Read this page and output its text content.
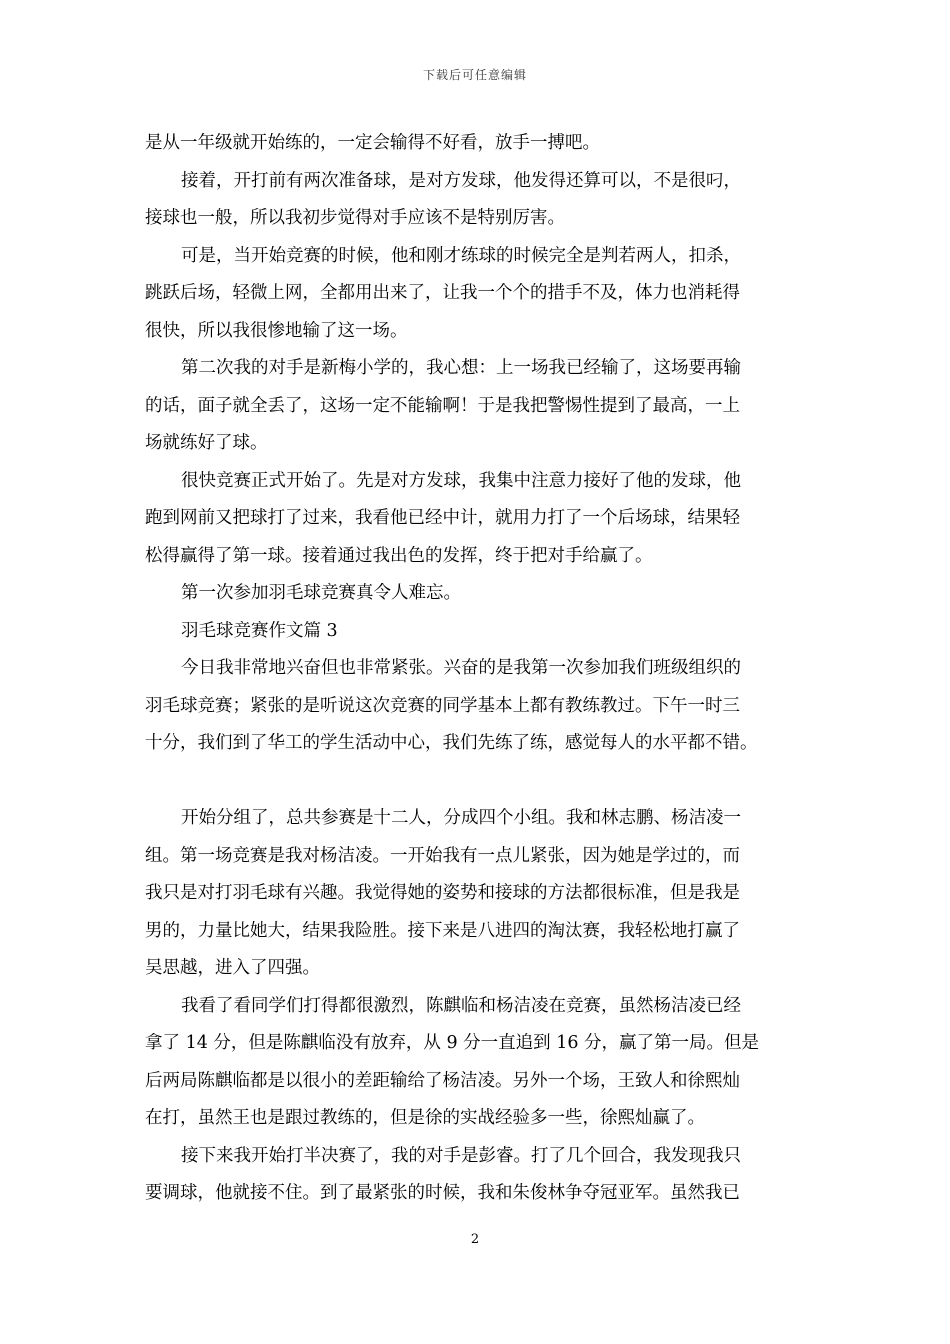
下载后可任意编辑
是从一年级就开始练的，一定会输得不好看，放手一搏吧。
接着，开打前有两次准备球，是对方发球，他发得还算可以，不是很叼，
接球也一般，所以我初步觉得对手应该不是特别厉害。
可是，当开始竞赛的时候，他和刚才练球的时候完全是判若两人，扣杀，
跳跃后场，轻微上网，全都用出来了，让我一个个的措手不及，体力也消耗得
很快，所以我很惨地输了这一场。
第二次我的对手是新梅小学的，我心想：上一场我已经输了，这场要再输
的话，面子就全丢了，这场一定不能输啊！于是我把警惕性提到了最高，一上
场就练好了球。
很快竞赛正式开始了。先是对方发球，我集中注意力接好了他的发球，他
跑到网前又把球打了过来，我看他已经中计，就用力打了一个后场球，结果轻
松得赢得了第一球。接着通过我出色的发挥，终于把对手给赢了。
第一次参加羽毛球竞赛真令人难忘。
羽毛球竞赛作文篇 3
今日我非常地兴奋但也非常紧张。兴奋的是我第一次参加我们班级组织的
羽毛球竞赛；紧张的是听说这次竞赛的同学基本上都有教练教过。下午一时三
十分，我们到了华工的学生活动中心，我们先练了练，感觉每人的水平都不错。
开始分组了，总共参赛是十二人，分成四个小组。我和林志鹏、杨洁凌一
组。第一场竞赛是我对杨洁凌。一开始我有一点儿紧张，因为她是学过的，而
我只是对打羽毛球有兴趣。我觉得她的姿势和接球的方法都很标准，但是我是
男的，力量比她大，结果我险胜。接下来是八进四的淘汰赛，我轻松地打赢了
吴思越，进入了四强。
我看了看同学们打得都很激烈，陈麒临和杨洁凌在竞赛，虽然杨洁凌已经
拿了 14 分，但是陈麒临没有放弃，从 9 分一直追到 16 分，赢了第一局。但是
后两局陈麒临都是以很小的差距输给了杨洁凌。另外一个场，王致人和徐熙灿
在打，虽然王也是跟过教练的，但是徐的实战经验多一些，徐熙灿赢了。
接下来我开始打半决赛了，我的对手是彭睿。打了几个回合，我发现我只
要调球，他就接不住。到了最紧张的时候，我和朱俊林争夺冠亚军。虽然我已
2
